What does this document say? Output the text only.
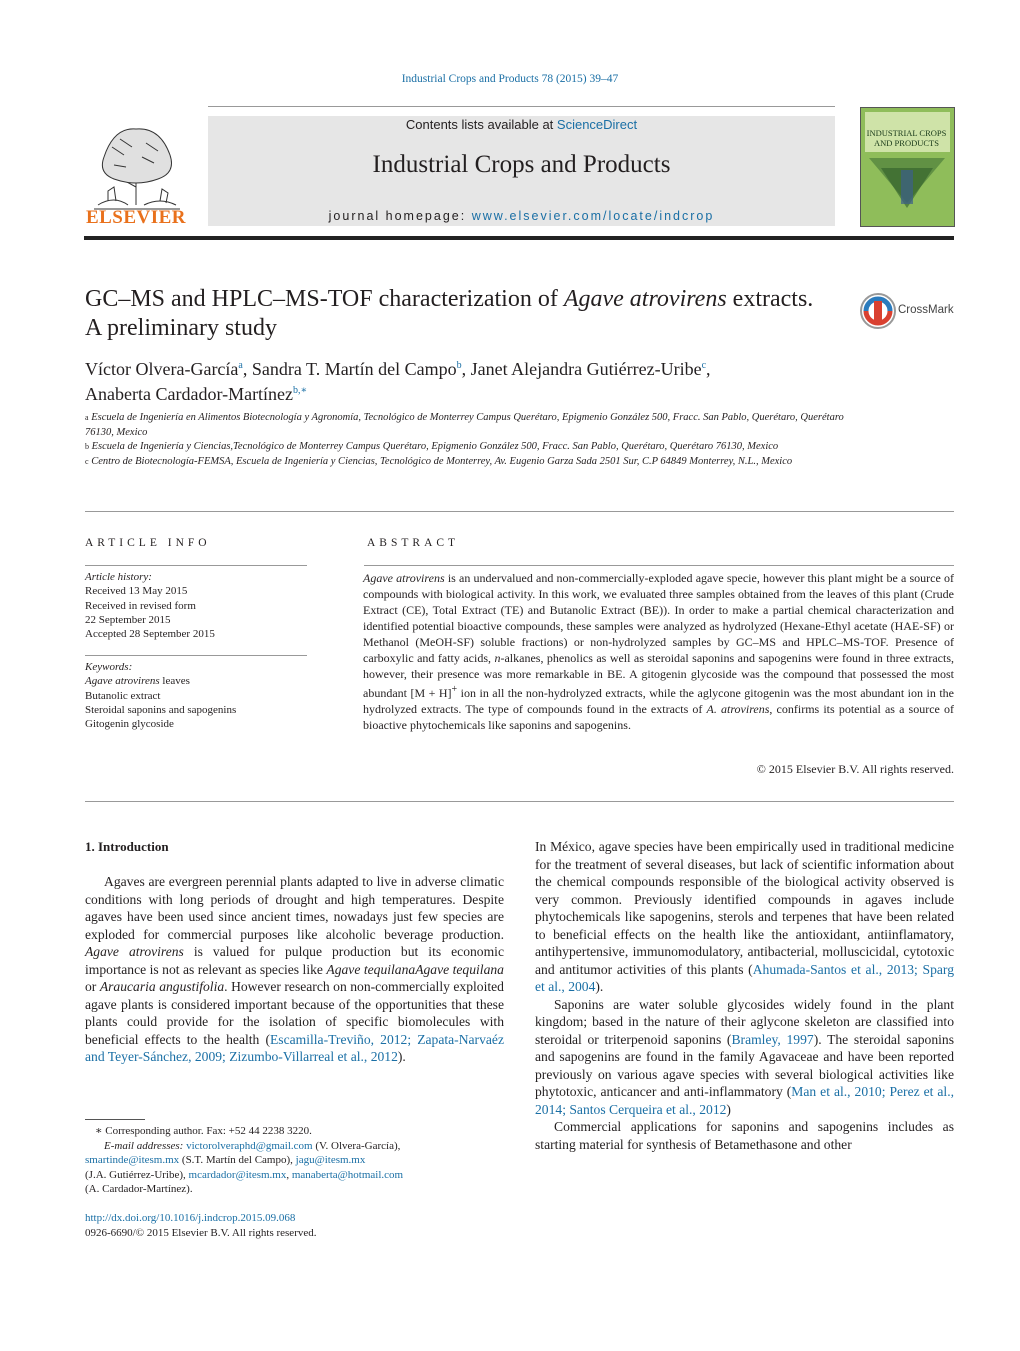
Industrial Crops and Products 78 (2015) 39–47
ELSEVIER
Contents lists available at ScienceDirect
Industrial Crops and Products
journal homepage: www.elsevier.com/locate/indcrop
INDUSTRIAL CROPS AND PRODUCTS
GC–MS and HPLC–MS-TOF characterization of Agave atrovirens extracts. A preliminary study
CrossMark
Víctor Olvera-García$^a$, Sandra T. Martín del Campo$^b$, Janet Alejandra Gutiérrez-Uribe$^c$,
Anaberta Cardador-Martínez$^{b,∗}$
$^a$ Escuela de Ingeniería en Alimentos Biotecnología y Agronomía, Tecnológico de Monterrey Campus Querétaro, Epigmenio González 500, Fracc. San Pablo, Querétaro, Querétaro 76130, Mexico
$^b$ Escuela de Ingeniería y Ciencias,Tecnológico de Monterrey Campus Querétaro, Epigmenio González 500, Fracc. San Pablo, Querétaro, Querétaro 76130, Mexico
$^c$ Centro de Biotecnología-FEMSA, Escuela de Ingeniería y Ciencias, Tecnológico de Monterrey, Av. Eugenio Garza Sada 2501 Sur, C.P 64849 Monterrey, N.L., Mexico
ARTICLE INFO
Article history:
Received 13 May 2015
Received in revised form
22 September 2015
Accepted 28 September 2015
Keywords:
Agave atrovirens leaves
Butanolic extract
Steroidal saponins and sapogenins
Gitogenin glycoside
ABSTRACT
Agave atrovirens is an undervalued and non-commercially-exploded agave specie, however this plant might be a source of compounds with biological activity. In this work, we evaluated three samples obtained from the leaves of this plant (Crude Extract (CE), Total Extract (TE) and Butanolic Extract (BE)). In order to make a partial chemical characterization and identified potential bioactive compounds, these samples were analyzed as hydrolyzed (Hexane-Ethyl acetate (HAE-SF) or Methanol (MeOH-SF) soluble fractions) or non-hydrolyzed samples by GC–MS and HPLC–MS-TOF. Presence of carboxylic and fatty acids, n-alkanes, phenolics as well as steroidal saponins and sapogenins were found in three extracts, however, their presence was more remarkable in BE. A gitogenin glycoside was the compound that possessed the most abundant [M + H]+ ion in all the non-hydrolyzed extracts, while the aglycone gitogenin was the most abundant ion in the hydrolyzed extracts. The type of compounds found in the extracts of A. atrovirens, confirms its potential as a source of bioactive phytochemicals like saponins and sapogenins.
© 2015 Elsevier B.V. All rights reserved.
1. Introduction

Agaves are evergreen perennial plants adapted to live in adverse climatic conditions with long periods of drought and high temperatures. Despite agaves have been used since ancient times, nowadays just few species are exploded for commercial purposes like alcoholic beverage production. Agave atrovirens is valued for pulque production but its economic importance is not as relevant as species like Agave tequilanaAgave tequilana or Araucaria angustifolia. However research on non-commercially exploited agave plants is considered important because of the opportunities that these plants could provide for the isolation of specific biomolecules with beneficial effects to the health (Escamilla-Treviño, 2012; Zapata-Narvaéz and Teyer-Sánchez, 2009; Zizumbo-Villarreal et al., 2012).

In México, agave species have been empirically used in traditional medicine for the treatment of several diseases, but lack of scientific information about the chemical compounds responsible of the biological activity observed is very common. Previously identified compounds in agaves include phytochemicals like sapogenins, sterols and terpenes that have been related to beneficial effects on the health like the antioxidant, antiinflamatory, antihypertensive, immunomodulatory, antibacterial, molluscicidal, cytotoxic and antitumor activities of this plants (Ahumada-Santos et al., 2013; Sparg et al., 2004).

Saponins are water soluble glycosides widely found in the plant kingdom; based in the nature of their aglycone skeleton are classified into steroidal or triterpenoid saponins (Bramley, 1997). The steroidal saponins and sapogenins are found in the family Agavaceae and have been reported previously on various agave species with several biological activities like phytotoxic, anticancer and anti-inflammatory (Man et al., 2010; Perez et al., 2014; Santos Cerqueira et al., 2012)

Commercial applications for saponins and sapogenins includes as starting material for synthesis of Betamethasone and other

∗ Corresponding author. Fax: +52 44 2238 3220.
E-mail addresses: victorolveraphd@gmail.com (V. Olvera-García),
smartinde@itesm.mx (S.T. Martín del Campo), jagu@itesm.mx
(J.A. Gutiérrez-Uribe), mcardador@itesm.mx, manaberta@hotmail.com
(A. Cardador-Martínez).
http://dx.doi.org/10.1016/j.indcrop.2015.09.068
0926-6690/© 2015 Elsevier B.V. All rights reserved.
